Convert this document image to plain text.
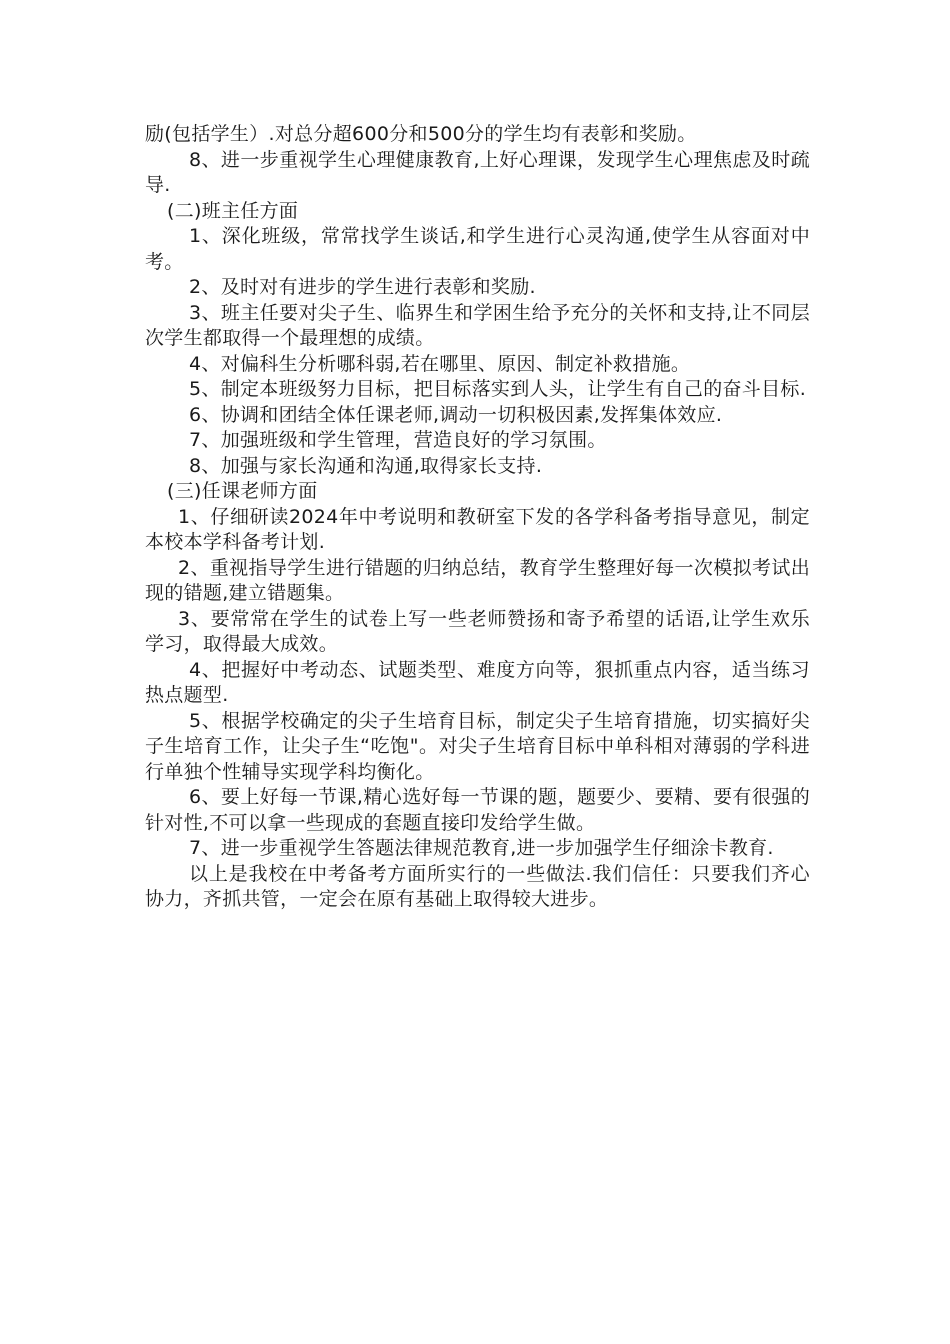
励(包括学生）.对总分超600分和500分的学生均有表彰和奖励。

8、进一步重视学生心理健康教育,上好心理课，发现学生心理焦虑及时疏导.

(二)班主任方面

1、深化班级，常常找学生谈话,和学生进行心灵沟通,使学生从容面对中考。

2、及时对有进步的学生进行表彰和奖励.

3、班主任要对尖子生、临界生和学困生给予充分的关怀和支持,让不同层次学生都取得一个最理想的成绩。

4、对偏科生分析哪科弱,若在哪里、原因、制定补救措施。

5、制定本班级努力目标，把目标落实到人头，让学生有自己的奋斗目标.

6、协调和团结全体任课老师,调动一切积极因素,发挥集体效应.

7、加强班级和学生管理，营造良好的学习氛围。

8、加强与家长沟通和沟通,取得家长支持.

(三)任课老师方面

1、仔细研读2024年中考说明和教研室下发的各学科备考指导意见，制定本校本学科备考计划.

2、重视指导学生进行错题的归纳总结，教育学生整理好每一次模拟考试出现的错题,建立错题集。

3、要常常在学生的试卷上写一些老师赞扬和寄予希望的话语,让学生欢乐学习，取得最大成效。

4、把握好中考动态、试题类型、难度方向等，狠抓重点内容，适当练习热点题型.

5、根据学校确定的尖子生培育目标，制定尖子生培育措施，切实搞好尖子生培育工作，让尖子生“吃饱"。对尖子生培育目标中单科相对薄弱的学科进行单独个性辅导实现学科均衡化。

6、要上好每一节课,精心选好每一节课的题，题要少、要精、要有很强的针对性,不可以拿一些现成的套题直接印发给学生做。

7、进一步重视学生答题法律规范教育,进一步加强学生仔细涂卡教育.

以上是我校在中考备考方面所实行的一些做法.我们信任：只要我们齐心协力，齐抓共管，一定会在原有基础上取得较大进步。
